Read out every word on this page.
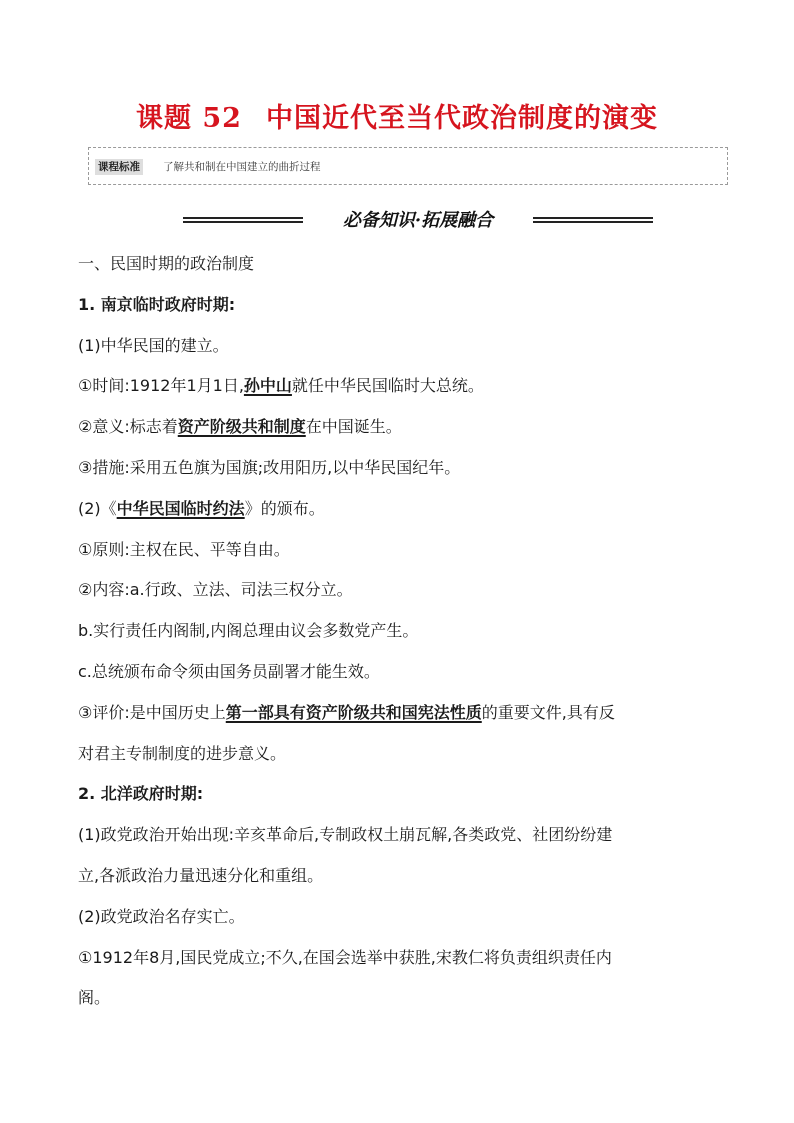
课题 52 中国近代至当代政治制度的演变
课程标准 了解共和制在中国建立的曲折过程
必备知识·拓展融合
一、民国时期的政治制度
1. 南京临时政府时期:
(1)中华民国的建立。
①时间:1912年1月1日,孙中山就任中华民国临时大总统。
②意义:标志着资产阶级共和制度在中国诞生。
③措施:采用五色旗为国旗;改用阳历,以中华民国纪年。
(2)《中华民国临时约法》的颁布。
①原则:主权在民、平等自由。
②内容:a.行政、立法、司法三权分立。
b.实行责任内阁制,内阁总理由议会多数党产生。
c.总统颁布命令须由国务员副署才能生效。
③评价:是中国历史上第一部具有资产阶级共和国宪法性质的重要文件,具有反
对君主专制制度的进步意义。
2. 北洋政府时期:
(1)政党政治开始出现:辛亥革命后,专制政权土崩瓦解,各类政党、社团纷纷建
立,各派政治力量迅速分化和重组。
(2)政党政治名存实亡。
①1912年8月,国民党成立;不久,在国会选举中获胜,宋教仁将负责组织责任内
阁。
